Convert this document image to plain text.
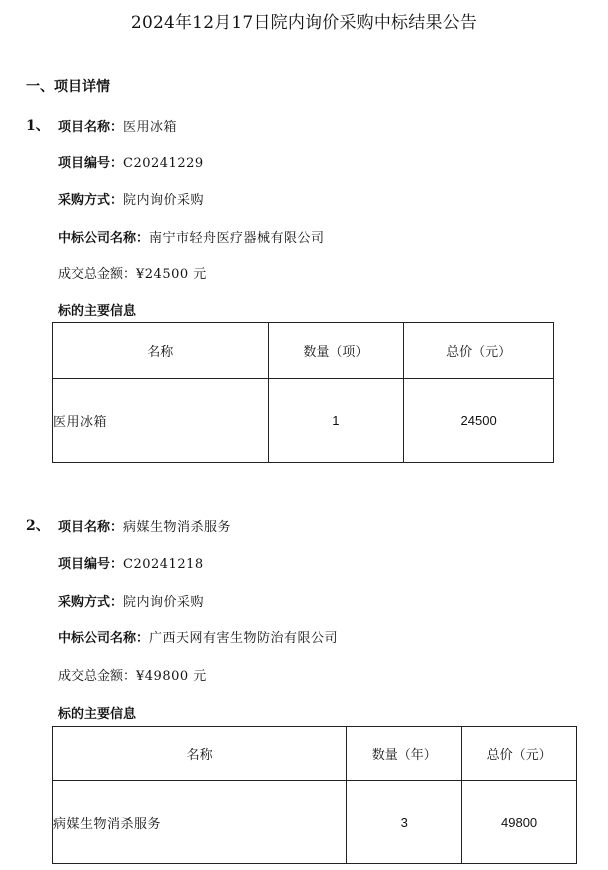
2024年12月17日院内询价采购中标结果公告
一、项目详情
1、 项目名称：医用冰箱
项目编号：C20241229
采购方式：院内询价采购
中标公司名称：南宁市轻舟医疗器械有限公司
成交总金额：¥24500 元
标的主要信息
名称	数量（项）	总价（元）
医用冰箱	1	24500
2、 项目名称：病媒生物消杀服务
项目编号：C20241218
采购方式：院内询价采购
中标公司名称：广西天网有害生物防治有限公司
成交总金额：¥49800 元
标的主要信息
名称	数量（年）	总价（元）
病媒生物消杀服务	3	49800
